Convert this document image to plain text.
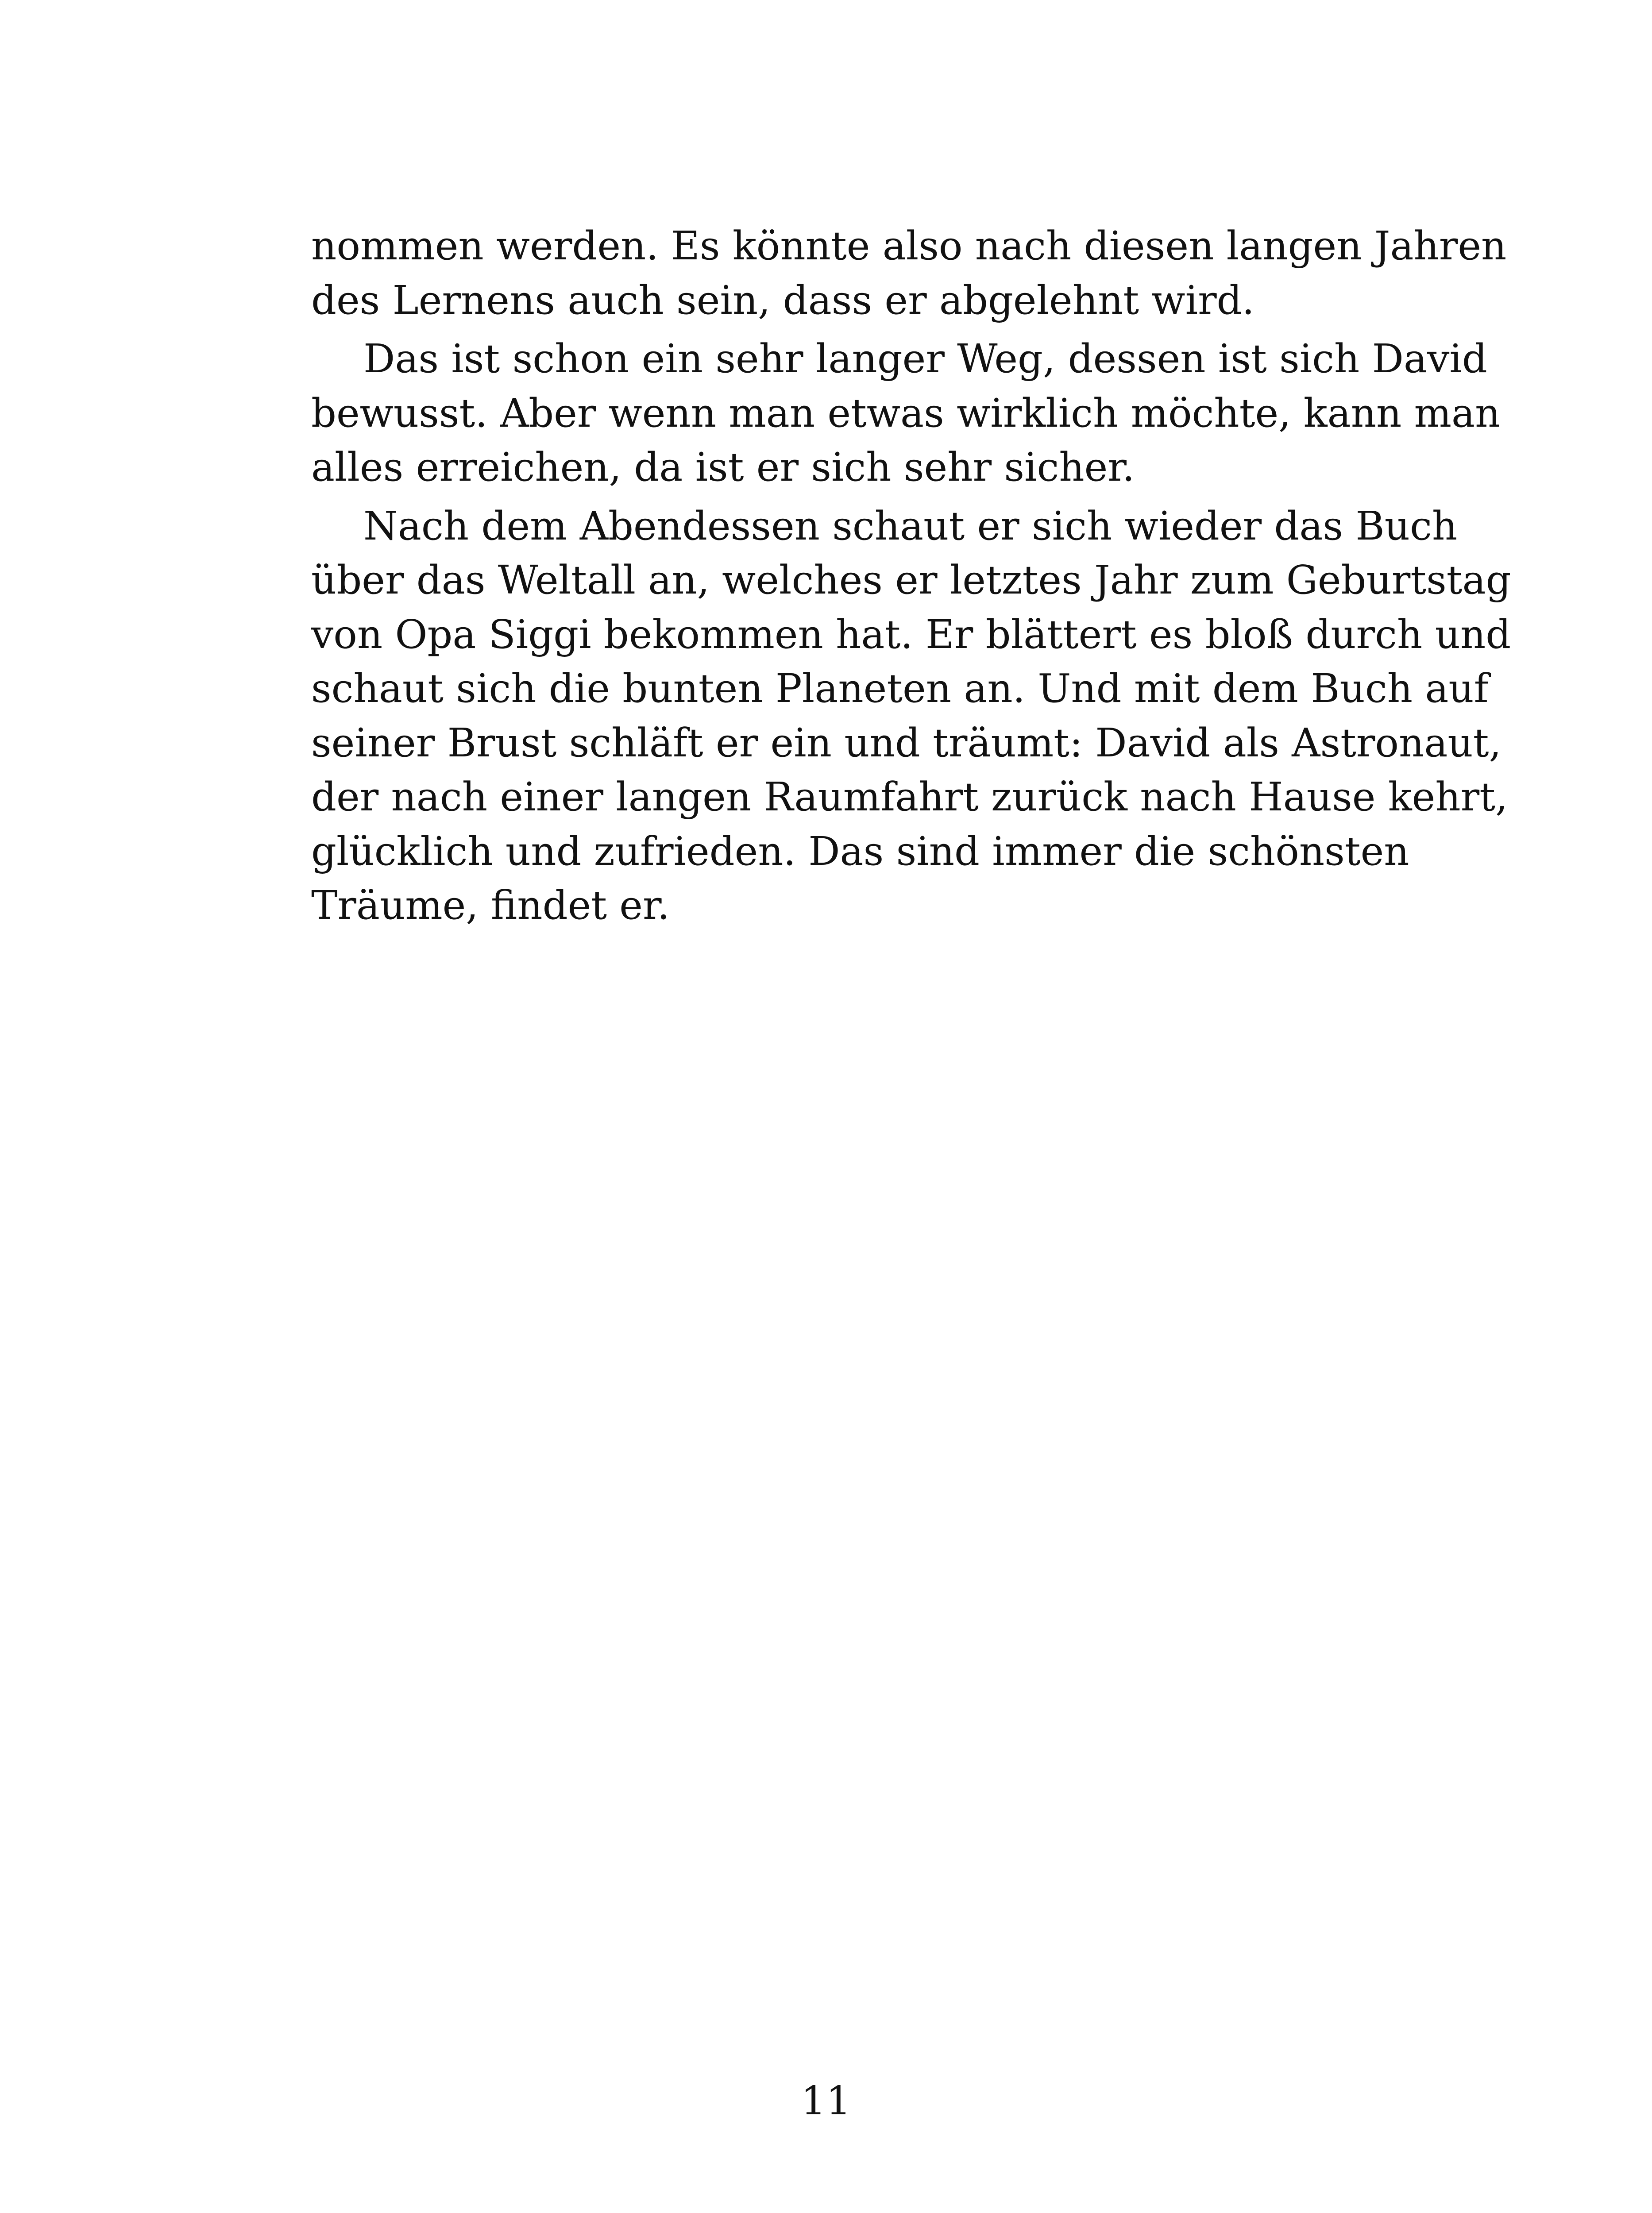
nommen werden. Es könnte also nach diesen langen Jahren
des Lernens auch sein, dass er abgelehnt wird.
Das ist schon ein sehr langer Weg, dessen ist sich David
bewusst. Aber wenn man etwas wirklich möchte, kann man
alles erreichen, da ist er sich sehr sicher.
Nach dem Abendessen schaut er sich wieder das Buch
über das Weltall an, welches er letztes Jahr zum Geburtstag
von Opa Siggi bekommen hat. Er blättert es bloß durch und
schaut sich die bunten Planeten an. Und mit dem Buch auf
seiner Brust schläft er ein und träumt: David als Astronaut,
der nach einer langen Raumfahrt zurück nach Hause kehrt,
glücklich und zufrieden. Das sind immer die schönsten
Träume, findet er.
11
